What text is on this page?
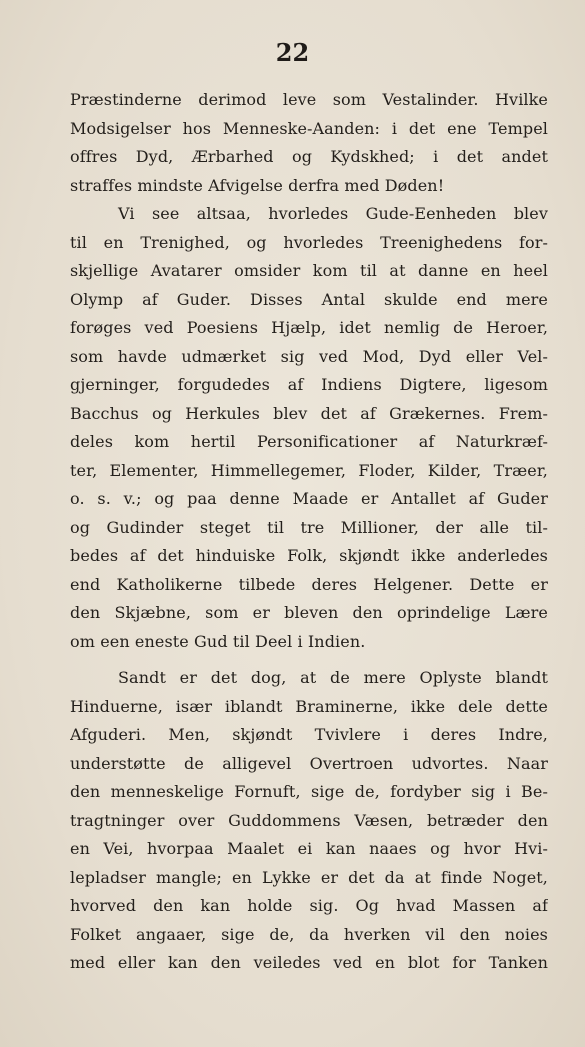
22
Præstinderne derimod leve som Vestalinder. Hvilke
Modsigelser hos Menneske-Aanden: i det ene Tempel
offres Dyd, Ærbarhed og Kydskhed; i det andet
straffes mindste Afvigelse derfra med Døden!
Vi see altsaa, hvorledes Gude-Eenheden blev
til en Trenighed, og hvorledes Treenighedens for-
skjellige Avatarer omsider kom til at danne en heel
Olymp af Guder. Disses Antal skulde end mere
forøges ved Poesiens Hjælp, idet nemlig de Heroer,
som havde udmærket sig ved Mod, Dyd eller Vel-
gjerninger, forgudedes af Indiens Digtere, ligesom
Bacchus og Herkules blev det af Grækernes. Frem-
deles kom hertil Personificationer af Naturkræf-
ter, Elementer, Himmellegemer, Floder, Kilder, Træer,
o. s. v.; og paa denne Maade er Antallet af Guder
og Gudinder steget til tre Millioner, der alle til-
bedes af det hinduiske Folk, skjøndt ikke anderledes
end Katholikerne tilbede deres Helgener. Dette er
den Skjæbne, som er bleven den oprindelige Lære
om een eneste Gud til Deel i Indien.
Sandt er det dog, at de mere Oplyste blandt
Hinduerne, især iblandt Braminerne, ikke dele dette
Afguderi. Men, skjøndt Tvivlere i deres Indre,
understøtte de alligevel Overtroen udvortes. Naar
den menneskelige Fornuft, sige de, fordyber sig i Be-
tragtninger over Guddommens Væsen, betræder den
en Vei, hvorpaa Maalet ei kan naaes og hvor Hvi-
lepladser mangle; en Lykke er det da at finde Noget,
hvorved den kan holde sig. Og hvad Massen af
Folket angaaer, sige de, da hverken vil den noies
med eller kan den veiledes ved en blot for Tanken
